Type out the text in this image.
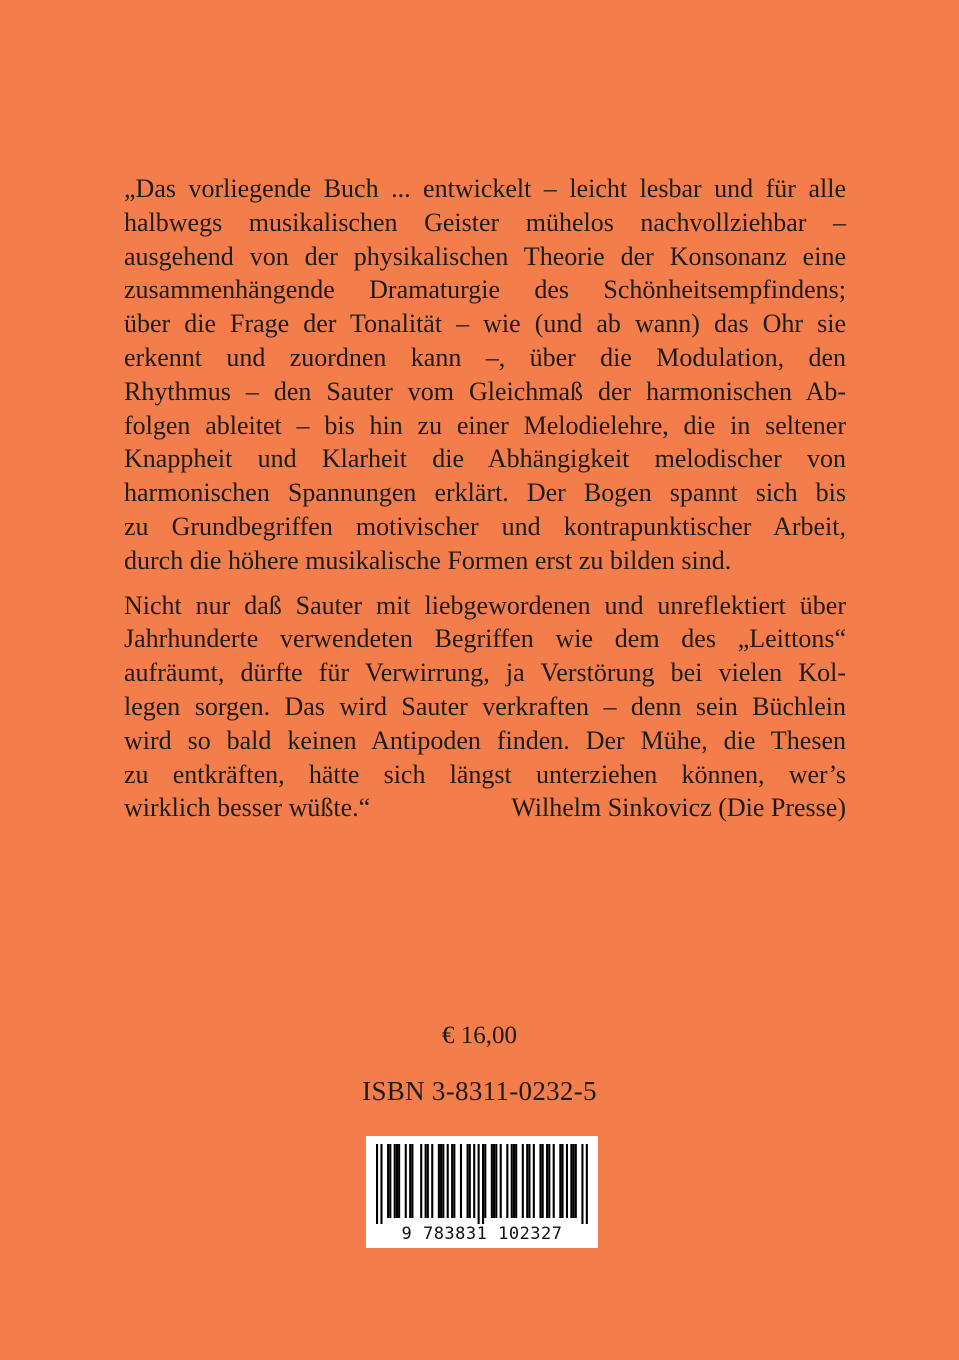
„Das vorliegende Buch ... entwickelt – leicht lesbar und für alle
halbwegs musikalischen Geister mühelos nachvollziehbar –
ausgehend von der physikalischen Theorie der Konsonanz eine
zusammenhängende Dramaturgie des Schönheitsempfindens;
über die Frage der Tonalität – wie (und ab wann) das Ohr sie
erkennt und zuordnen kann –, über die Modulation, den
Rhythmus – den Sauter vom Gleichmaß der harmonischen Ab-
folgen ableitet – bis hin zu einer Melodielehre, die in seltener
Knappheit und Klarheit die Abhängigkeit melodischer von
harmonischen Spannungen erklärt. Der Bogen spannt sich bis
zu Grundbegriffen motivischer und kontrapunktischer Arbeit,
durch die höhere musikalische Formen erst zu bilden sind.
Nicht nur daß Sauter mit liebgewordenen und unreflektiert über
Jahrhunderte verwendeten Begriffen wie dem des „Leittons“
aufräumt, dürfte für Verwirrung, ja Verstörung bei vielen Kol-
legen sorgen. Das wird Sauter verkraften – denn sein Büchlein
wird so bald keinen Antipoden finden. Der Mühe, die Thesen
zu entkräften, hätte sich längst unterziehen können, wer’s
wirklich besser wüßte.“	Wilhelm Sinkovicz (Die Presse)
€ 16,00
ISBN 3-8311-0232-5
9 783831 102327
